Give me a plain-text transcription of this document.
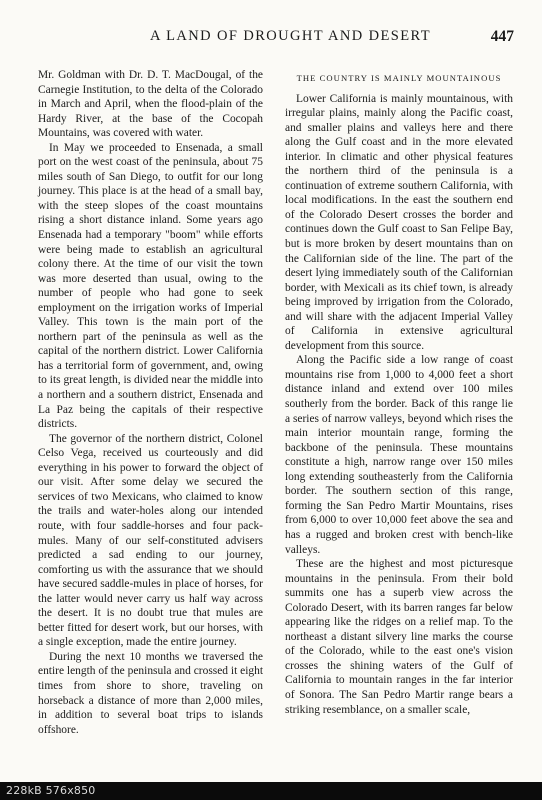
A LAND OF DROUGHT AND DESERT	447

Mr. Goldman with Dr. D. T. MacDougal, of the Carnegie Institution, to the delta of the Colorado in March and April, when the flood-plain of the Hardy River, at the base of the Cocopah Mountains, was covered with water.

In May we proceeded to Ensenada, a small port on the west coast of the peninsula, about 75 miles south of San Diego, to outfit for our long journey. This place is at the head of a small bay, with the steep slopes of the coast mountains rising a short distance inland. Some years ago Ensenada had a temporary "boom" while efforts were being made to establish an agricultural colony there. At the time of our visit the town was more deserted than usual, owing to the number of people who had gone to seek employment on the irrigation works of Imperial Valley. This town is the main port of the northern part of the peninsula as well as the capital of the northern district. Lower California has a territorial form of government, and, owing to its great length, is divided near the middle into a northern and a southern district, Ensenada and La Paz being the capitals of their respective districts.

The governor of the northern district, Colonel Celso Vega, received us courteously and did everything in his power to forward the object of our visit. After some delay we secured the services of two Mexicans, who claimed to know the trails and water-holes along our intended route, with four saddle-horses and four pack-mules. Many of our self-constituted advisers predicted a sad ending to our journey, comforting us with the assurance that we should have secured saddle-mules in place of horses, for the latter would never carry us half way across the desert. It is no doubt true that mules are better fitted for desert work, but our horses, with a single exception, made the entire journey.

During the next 10 months we traversed the entire length of the peninsula and crossed it eight times from shore to shore, traveling on horseback a distance of more than 2,000 miles, in addition to several boat trips to islands offshore.

THE COUNTRY IS MAINLY MOUNTAINOUS

Lower California is mainly mountainous, with irregular plains, mainly along the Pacific coast, and smaller plains and valleys here and there along the Gulf coast and in the more elevated interior. In climatic and other physical features the northern third of the peninsula is a continuation of extreme southern California, with local modifications. In the east the southern end of the Colorado Desert crosses the border and continues down the Gulf coast to San Felipe Bay, but is more broken by desert mountains than on the Californian side of the line. The part of the desert lying immediately south of the Californian border, with Mexicali as its chief town, is already being improved by irrigation from the Colorado, and will share with the adjacent Imperial Valley of California in extensive agricultural development from this source.

Along the Pacific side a low range of coast mountains rise from 1,000 to 4,000 feet a short distance inland and extend over 100 miles southerly from the border. Back of this range lie a series of narrow valleys, beyond which rises the main interior mountain range, forming the backbone of the peninsula. These mountains constitute a high, narrow range over 150 miles long extending southeasterly from the California border. The southern section of this range, forming the San Pedro Martir Mountains, rises from 6,000 to over 10,000 feet above the sea and has a rugged and broken crest with bench-like valleys.

These are the highest and most picturesque mountains in the peninsula. From their bold summits one has a superb view across the Colorado Desert, with its barren ranges far below appearing like the ridges on a relief map. To the northeast a distant silvery line marks the course of the Colorado, while to the east one's vision crosses the shining waters of the Gulf of California to mountain ranges in the far interior of Sonora. The San Pedro Martir range bears a striking resemblance, on a smaller scale,

228kB 576x850
